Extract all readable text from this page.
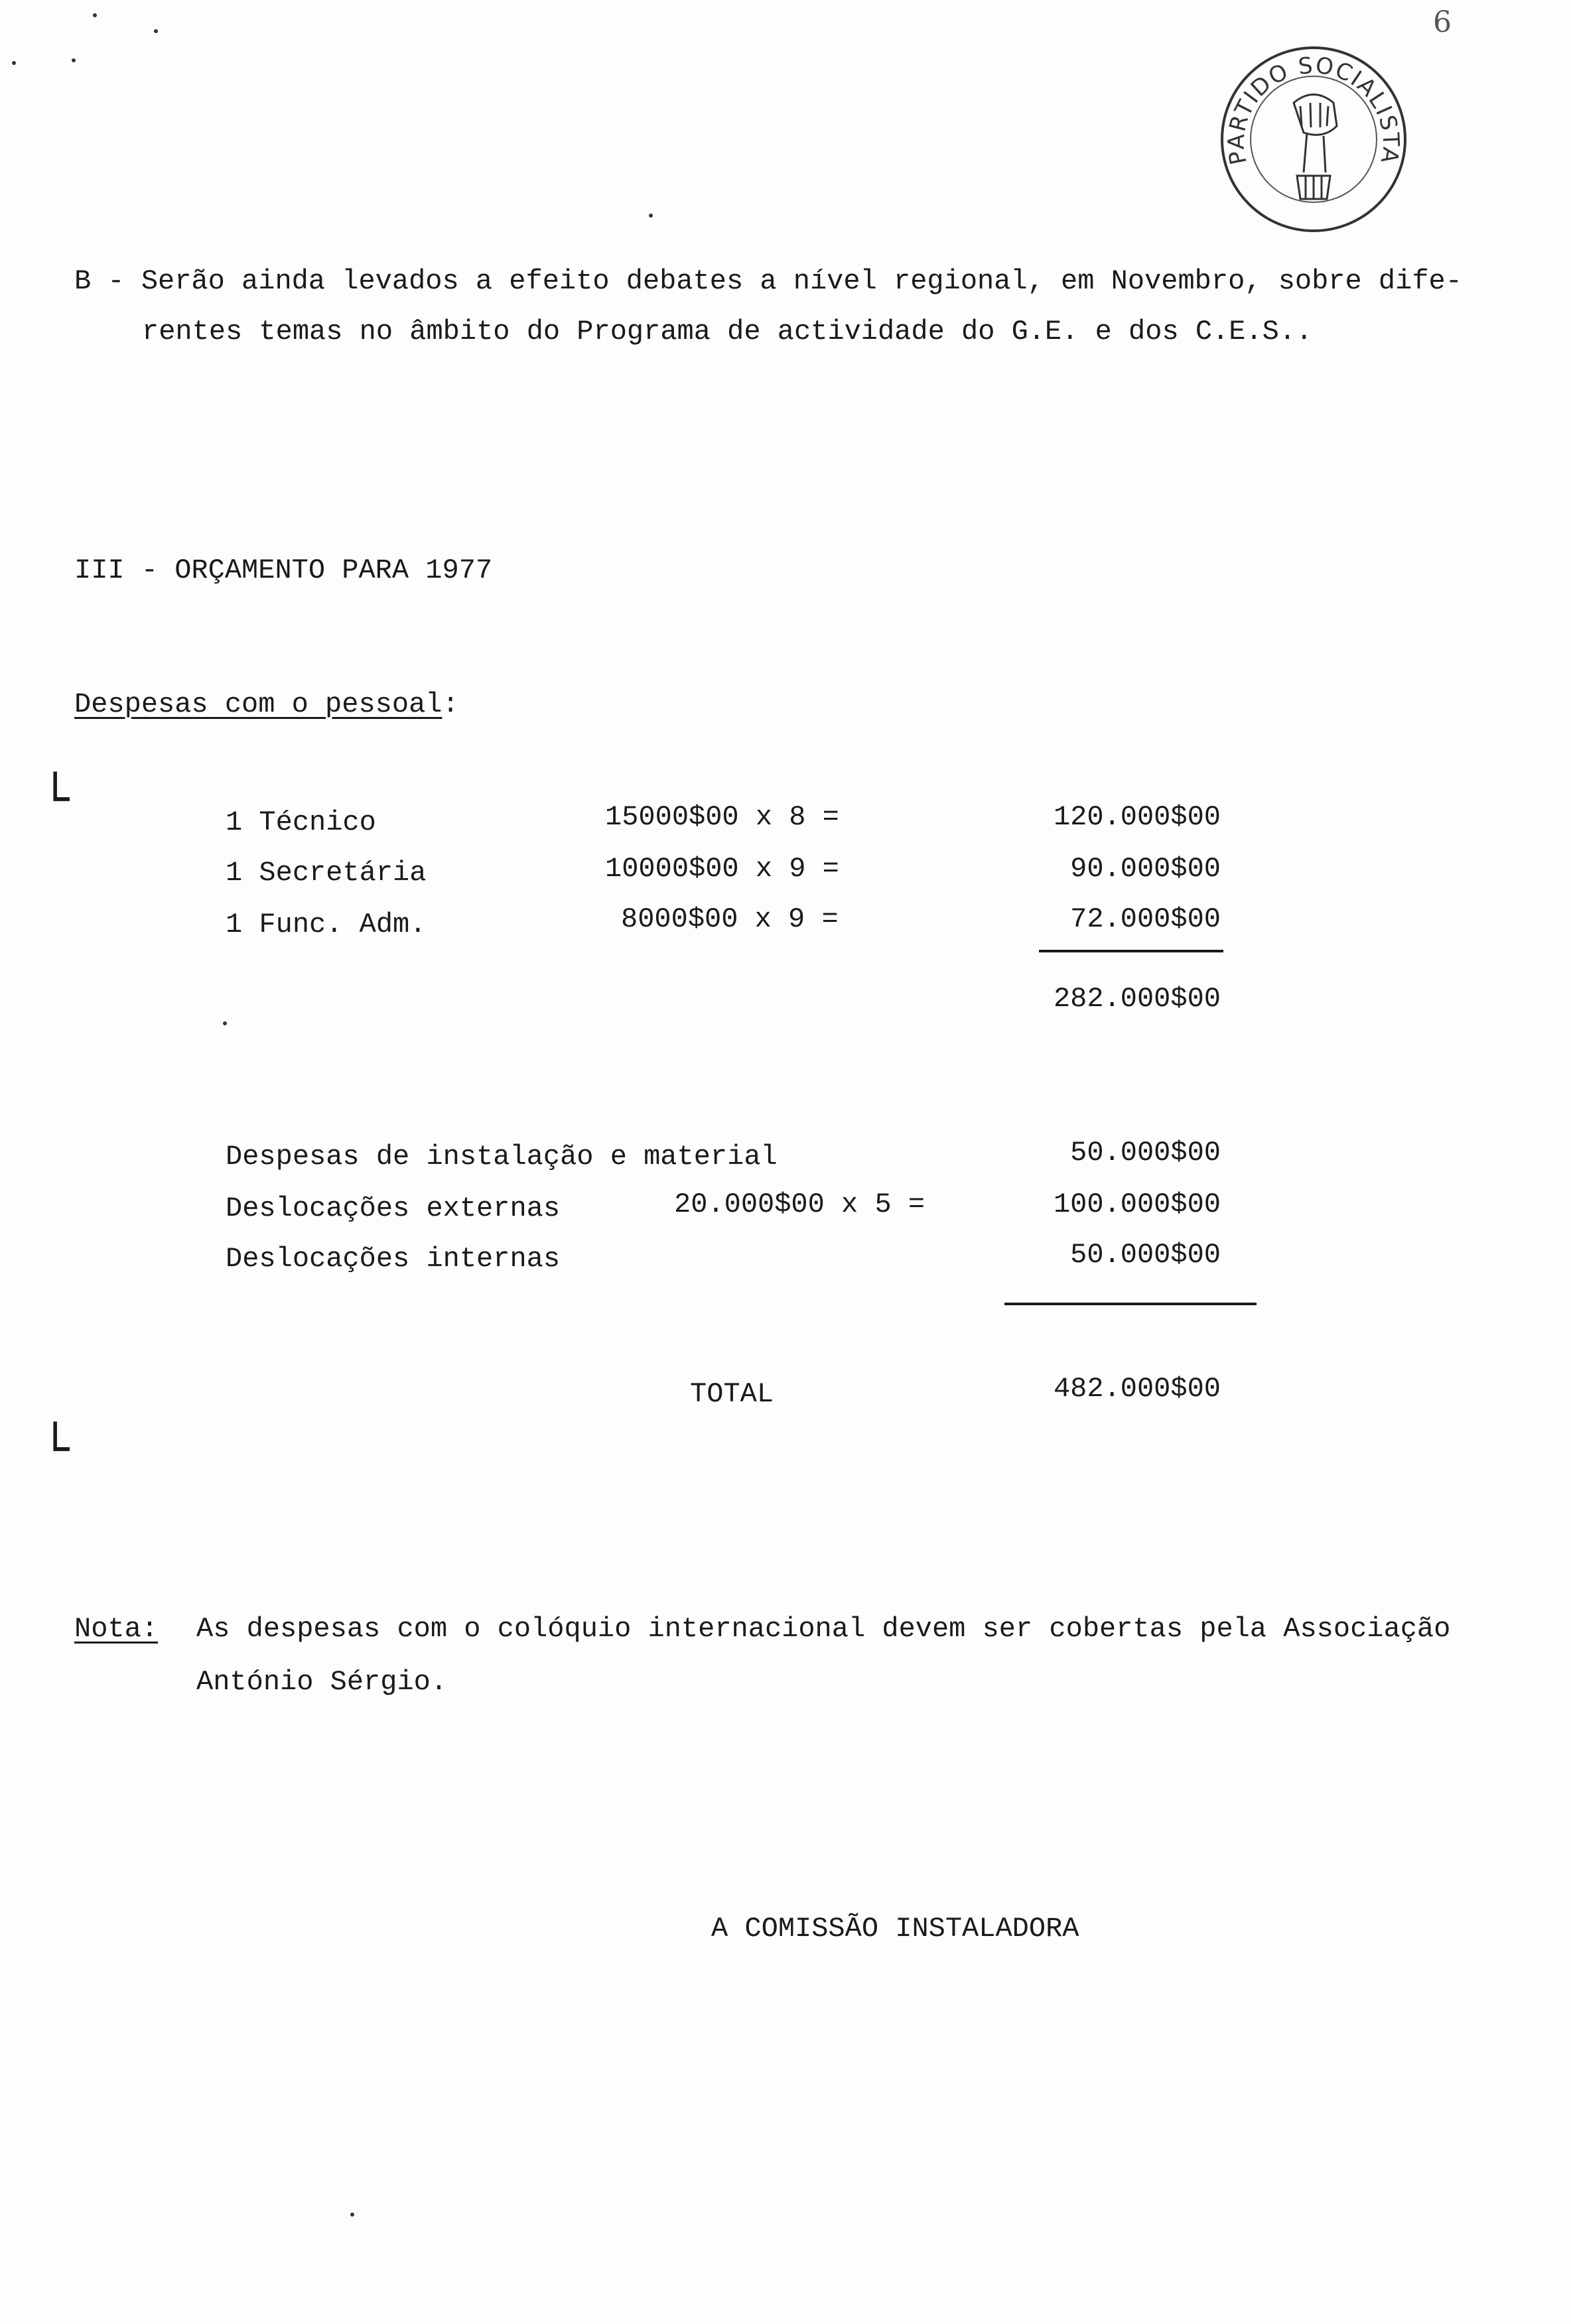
6
PARTIDO SOCIALISTA
B - Serão ainda levados a efeito debates a nível regional, em Novembro, sobre dife-
rentes temas no âmbito do Programa de actividade do G.E. e dos C.E.S..
III - ORÇAMENTO PARA 1977
Despesas com o pessoal:
└
└
1 Técnico	15000$00 x 8 =	120.000$00
1 Secretária	10000$00 x 9 =	90.000$00
1 Func. Adm.	8000$00 x 9 =	72.000$00
282.000$00
Despesas de instalação e material	50.000$00
Deslocações externas	20.000$00 x 5 =	100.000$00
Deslocações internas	50.000$00
TOTAL	482.000$00
Nota: As despesas com o colóquio internacional devem ser cobertas pela Associação
António Sérgio.
A COMISSÃO INSTALADORA
